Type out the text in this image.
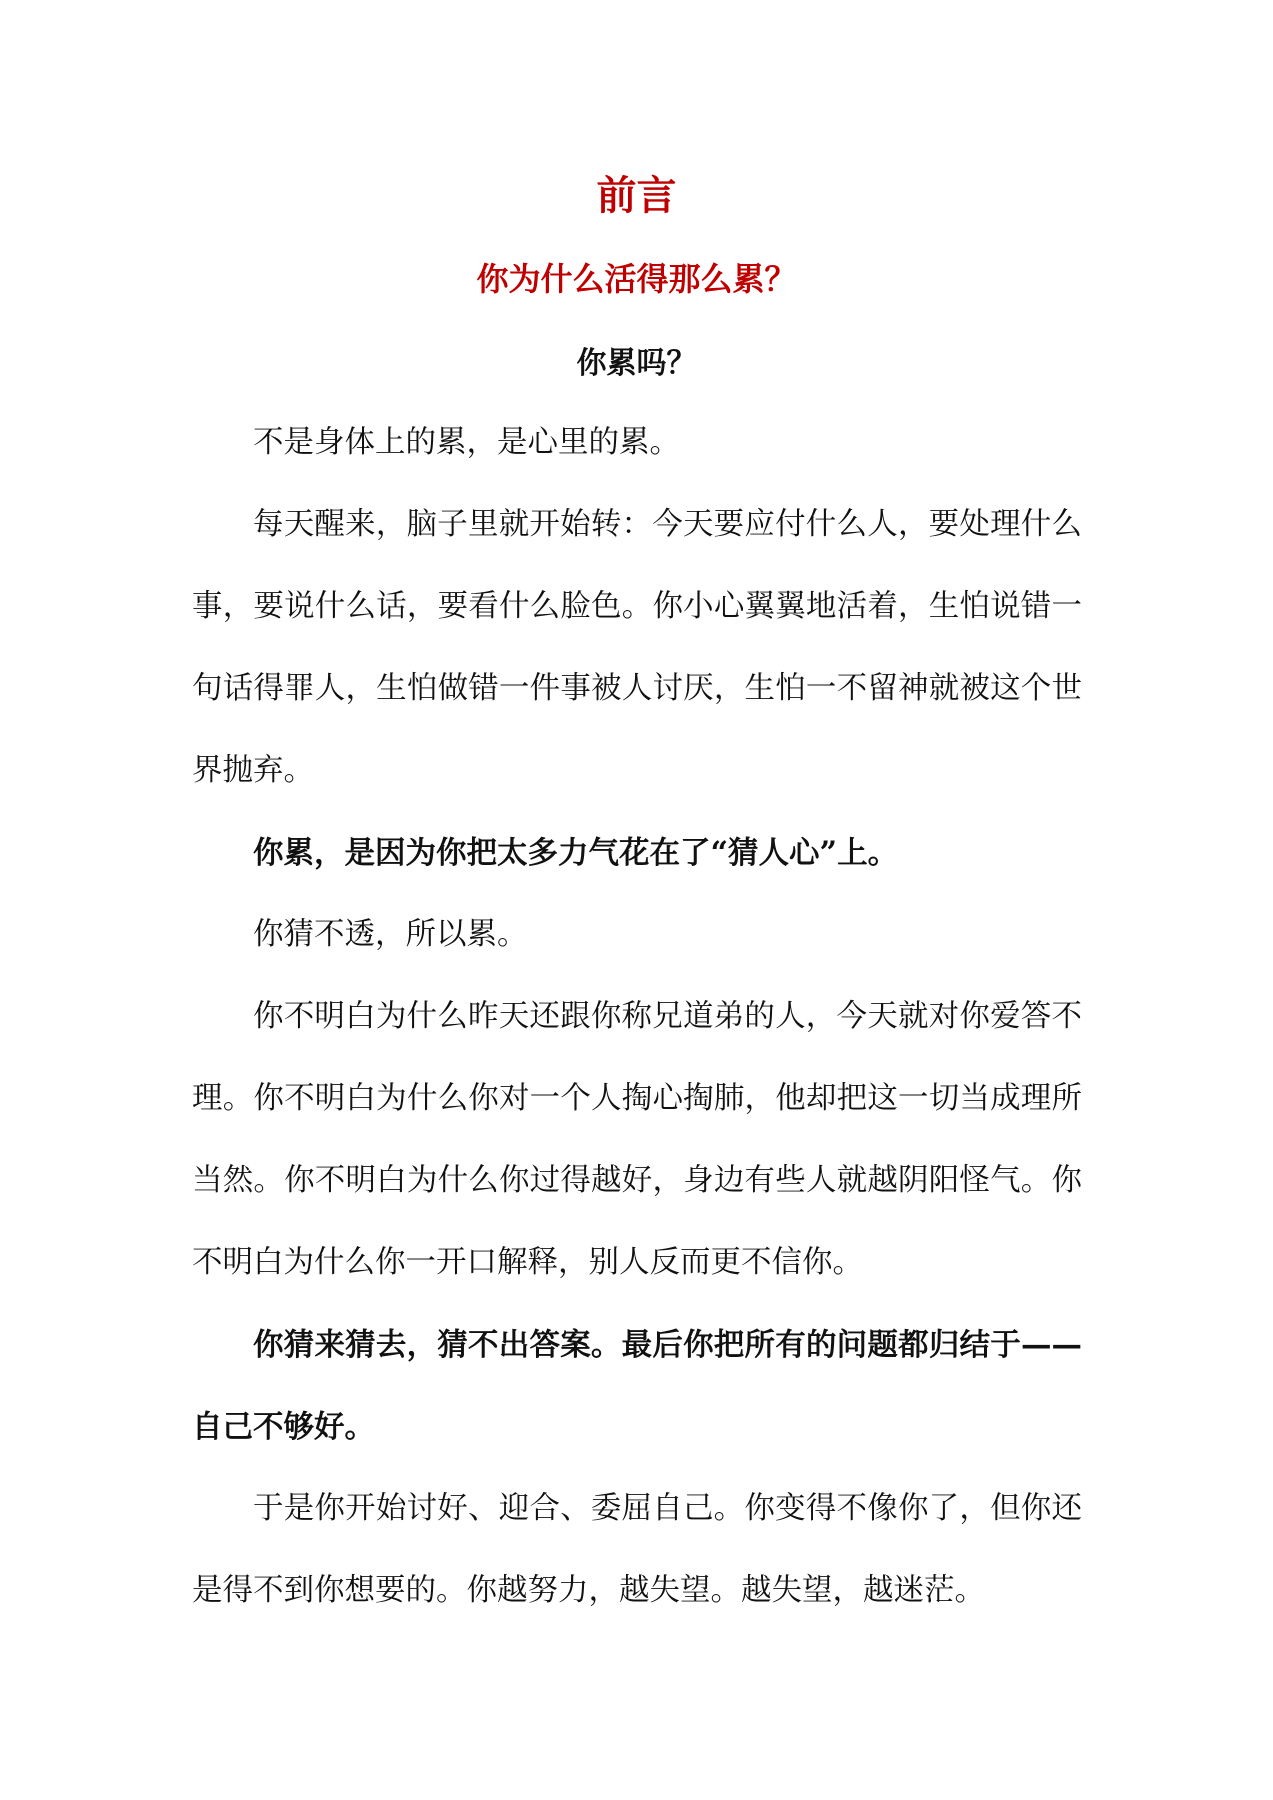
前言
你为什么活得那么累？
你累吗？

不是身体上的累，是心里的累。

每天醒来，脑子里就开始转：今天要应付什么人，要处理什么事，要说什么话，要看什么脸色。你小心翼翼地活着，生怕说错一句话得罪人，生怕做错一件事被人讨厌，生怕一不留神就被这个世界抛弃。

你累，是因为你把太多力气花在了“猜人心”上。

你猜不透，所以累。

你不明白为什么昨天还跟你称兄道弟的人，今天就对你爱答不理。你不明白为什么你对一个人掏心掏肺，他却把这一切当成理所当然。你不明白为什么你过得越好，身边有些人就越阴阳怪气。你不明白为什么你一开口解释，别人反而更不信你。

你猜来猜去，猜不出答案。最后你把所有的问题都归结于——自己不够好。

于是你开始讨好、迎合、委屈自己。你变得不像你了，但你还是得不到你想要的。你越努力，越失望。越失望，越迷茫。
